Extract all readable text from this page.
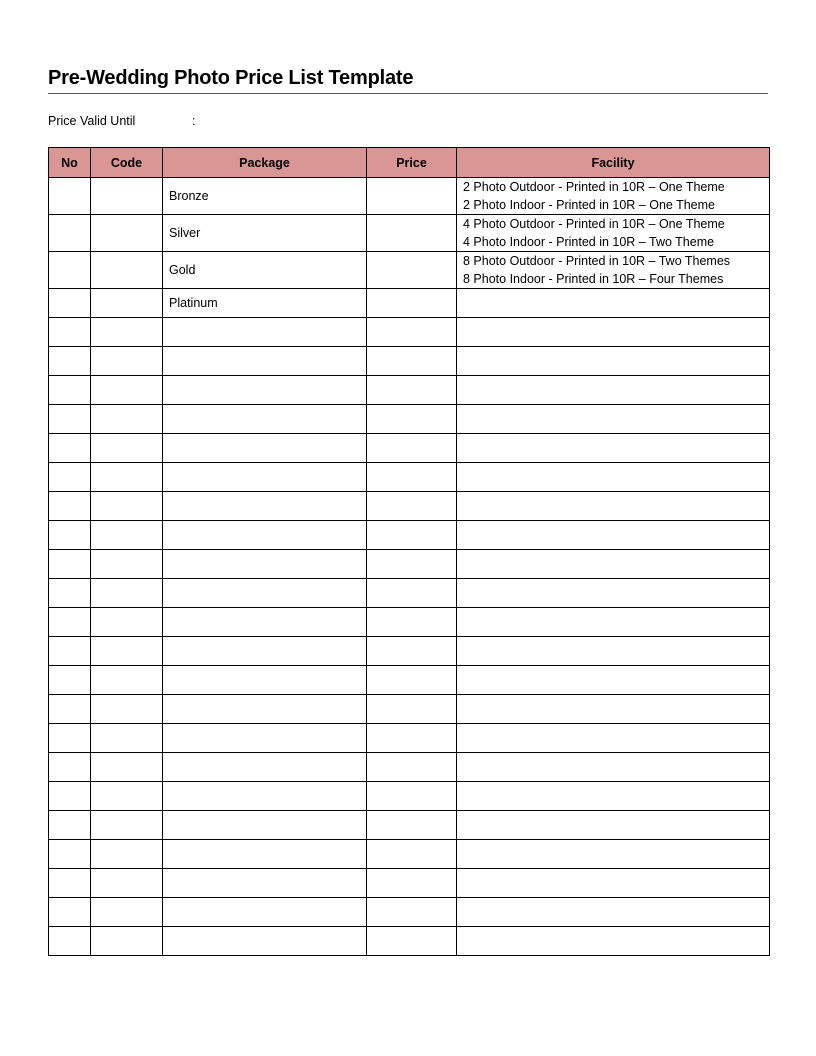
Pre-Wedding Photo Price List Template
Price Valid Until	:
No	Code	Package	Price	Facility
		Bronze		2 Photo Outdoor - Printed in 10R – One Theme
2 Photo Indoor - Printed in 10R – One Theme

		Silver		4 Photo Outdoor - Printed in 10R – One Theme
4 Photo Indoor - Printed in 10R – Two Theme

		Gold		8 Photo Outdoor - Printed in 10R – Two Themes
8 Photo Indoor - Printed in 10R – Four Themes

		Platinum		
